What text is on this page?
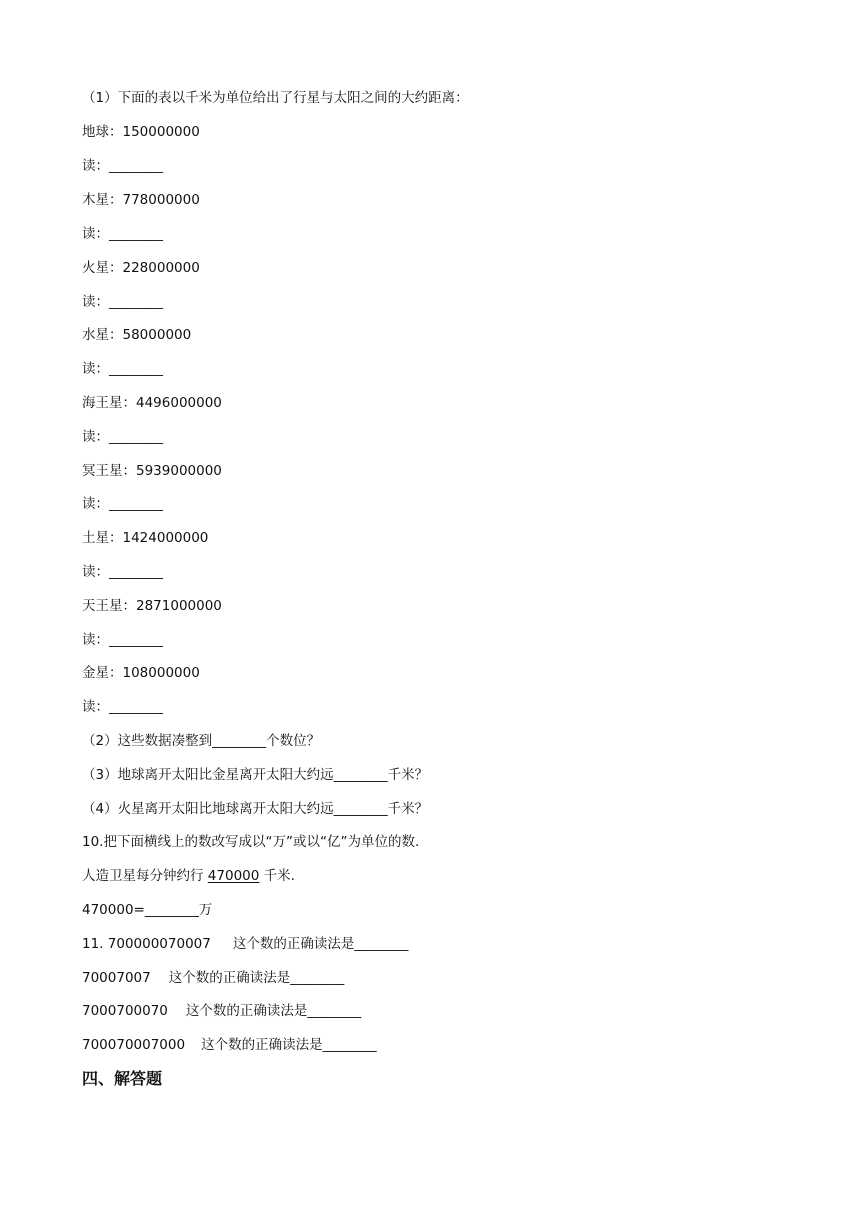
（1）下面的表以千米为单位给出了行星与太阳之间的大约距离：
地球：150000000
读：________
木星：778000000
读：________
火星：228000000
读：________
水星：58000000
读：________
海王星：4496000000
读：________
冥王星：5939000000
读：________
土星：1424000000
读：________
天王星：2871000000
读：________
金星：108000000
读：________
（2）这些数据凑整到________个数位？
（3）地球离开太阳比金星离开太阳大约远________千米？
（4）火星离开太阳比地球离开太阳大约远________千米？
10.把下面横线上的数改写成以“万”或以“亿”为单位的数.
人造卫星每分钟约行 470000 千米.
470000=________万
11. 700000070007 这个数的正确读法是________
70007007 这个数的正确读法是________
7000700070 这个数的正确读法是________
700070007000 这个数的正确读法是________
四、解答题
